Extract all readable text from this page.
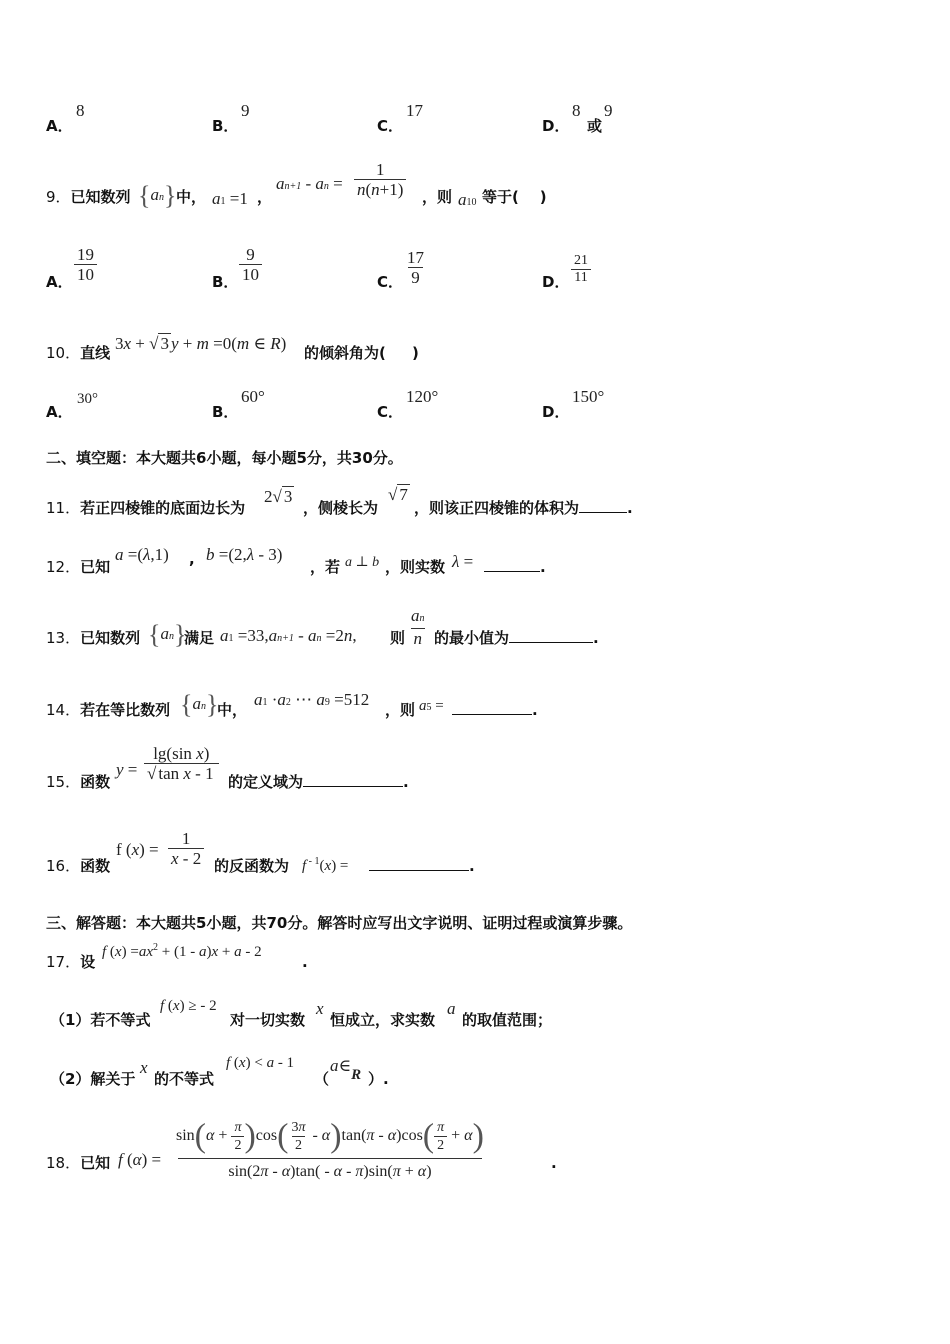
A．
8
B．
9
C．
17
D．
8
或
9
9．已知数列 {an} 中， a1 =1 ，
an+1 - an = $\frac{1}{n(n+1)}$ ，则 a10 等于( )
A． $\frac{19}{10}$	B． $\frac{9}{10}$	C． $\frac{17}{9}$	D． $\frac{21}{11}$
10．直线 3x + √ 3 y + m =0(m ∈ R) 的倾斜角为( )
A．
30°
B．
60°
C．
120°
D．
150°
二、填空题：本大题共6小题，每小题5分，共30分。
11．若正四棱锥的底面边长为
2√ 3
，侧棱长为
√ 7
，则该正四棱锥的体积为	.
12．已知
a =(λ,1) , b =(2,λ - 3)
，若 a ⊥ b ，则实数 λ =	.
13．已知数列 {an}
满足 a1 =33,an+1 - an =2n, 则 $\frac{an}{n}$ 的最小值为	.
14．若在等比数列 {an}
中，
a1 ·a2 ⋯ a9 =512
，则 a5 =	.
15．函数
$y = \frac{\text{lg(sin x)}}{\text{√ tan x - 1}}$ 的定义域为	.
16．函数
f $(x) = \frac{1}{x - 2}$ 的反函数为 f $^{- 1}$(x) =	.
三、解答题：本大题共5小题，共70分。解答时应写出文字说明、证明过程或演算步骤。
17．设
f $(x) =ax^2 + (1 - a)x + a - 2$
.
（1）若不等式
f (x) ≥ - 2
对一切实数
x
恒成立，求实数
a
的取值范围；
（2）解关于
x
的不等式
f (x) < a - 1
（
a∈R ）.
18．已知 f (α) =
$\sin(\alpha + \frac{\pi}{2} )\cos( \frac{3\pi}{2} - \alpha)\tan(\pi - \alpha)\cos( \frac{\pi}{2} + \alpha)$
sin(2π - α)tan( - α - π)sin(π + α)	.
